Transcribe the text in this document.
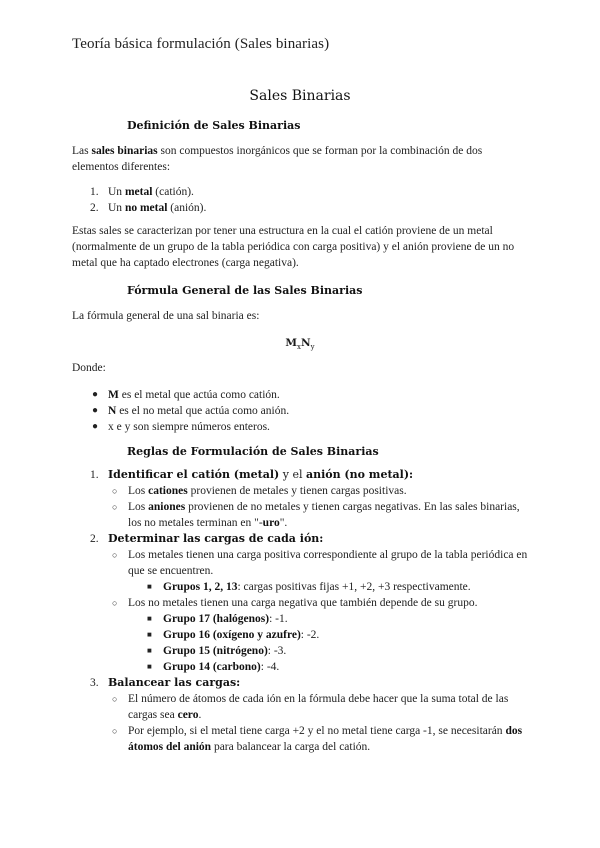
Teoría básica formulación (Sales binarias)
Sales Binarias
Definición de Sales Binarias
Las sales binarias son compuestos inorgánicos que se forman por la combinación de dos elementos diferentes:
1. Un metal (catión).
2. Un no metal (anión).
Estas sales se caracterizan por tener una estructura en la cual el catión proviene de un metal (normalmente de un grupo de la tabla periódica con carga positiva) y el anión proviene de un no metal que ha captado electrones (carga negativa).
Fórmula General de las Sales Binarias
La fórmula general de una sal binaria es:
$M_xN_y$
Donde:
● M es el metal que actúa como catión.
● N es el no metal que actúa como anión.
● x e y son siempre números enteros.
Reglas de Formulación de Sales Binarias
1. Identificar el catión (metal) y el anión (no metal):
○ Los cationes provienen de metales y tienen cargas positivas.
○ Los aniones provienen de no metales y tienen cargas negativas. En las sales binarias, los no metales terminan en "-uro".
2. Determinar las cargas de cada ión:
○ Los metales tienen una carga positiva correspondiente al grupo de la tabla periódica en que se encuentren.
■ Grupos 1, 2, 13: cargas positivas fijas +1, +2, +3 respectivamente.
○ Los no metales tienen una carga negativa que también depende de su grupo.
■ Grupo 17 (halógenos): -1.
■ Grupo 16 (oxígeno y azufre): -2.
■ Grupo 15 (nitrógeno): -3.
■ Grupo 14 (carbono): -4.
3. Balancear las cargas:
○ El número de átomos de cada ión en la fórmula debe hacer que la suma total de las cargas sea cero.
○ Por ejemplo, si el metal tiene carga +2 y el no metal tiene carga -1, se necesitarán dos átomos del anión para balancear la carga del catión.
